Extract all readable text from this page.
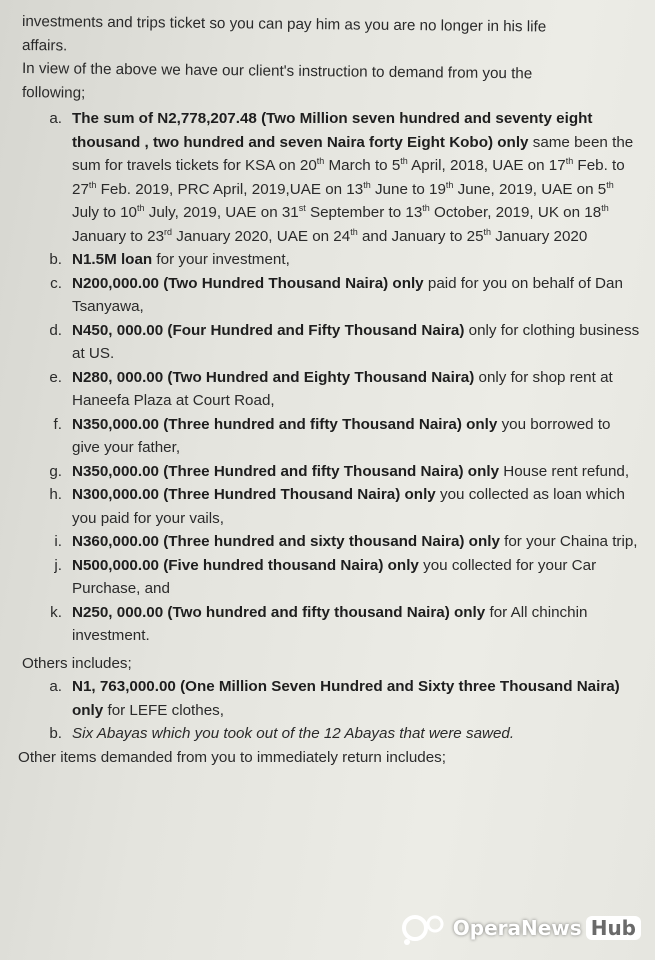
investments and trips ticket so you can pay him as you are no longer in his life
affairs.
In view of the above we have our client's instruction to demand from you the
following;
a. The sum of N2,778,207.48 (Two Million seven hundred and seventy eight thousand , two hundred and seven Naira forty Eight Kobo) only same been the sum for travels tickets for KSA on 20th March to 5th April, 2018, UAE on 17th Feb. to 27th Feb. 2019, PRC April, 2019,UAE on 13th June to 19th June, 2019, UAE on 5th July to 10th July, 2019, UAE on 31st September to 13th October, 2019, UK on 18th January to 23rd January 2020, UAE on 24th and January to 25th January 2020
b. N1.5M loan for your investment,
c. N200,000.00 (Two Hundred Thousand Naira) only paid for you on behalf of Dan Tsanyawa,
d. N450, 000.00 (Four Hundred and Fifty Thousand Naira) only for clothing business at US.
e. N280, 000.00 (Two Hundred and Eighty Thousand Naira) only for shop rent at Haneefa Plaza at Court Road,
f. N350,000.00 (Three hundred and fifty Thousand Naira) only you borrowed to give your father,
g. N350,000.00 (Three Hundred and fifty Thousand Naira) only House rent refund,
h. N300,000.00 (Three Hundred Thousand Naira) only you collected as loan which you paid for your vails,
i. N360,000.00 (Three hundred and sixty thousand Naira) only for your Chaina trip,
j. N500,000.00 (Five hundred thousand Naira) only you collected for your Car Purchase, and
k. N250, 000.00 (Two hundred and fifty thousand Naira) only for All chinchin investment.
Others includes;
a. N1, 763,000.00 (One Million Seven Hundred and Sixty three Thousand Naira) only for LEFE clothes,
b. Six Abayas which you took out of the 12 Abayas that were sawed.
Other items demanded from you to immediately return includes;
OperaNews Hub
